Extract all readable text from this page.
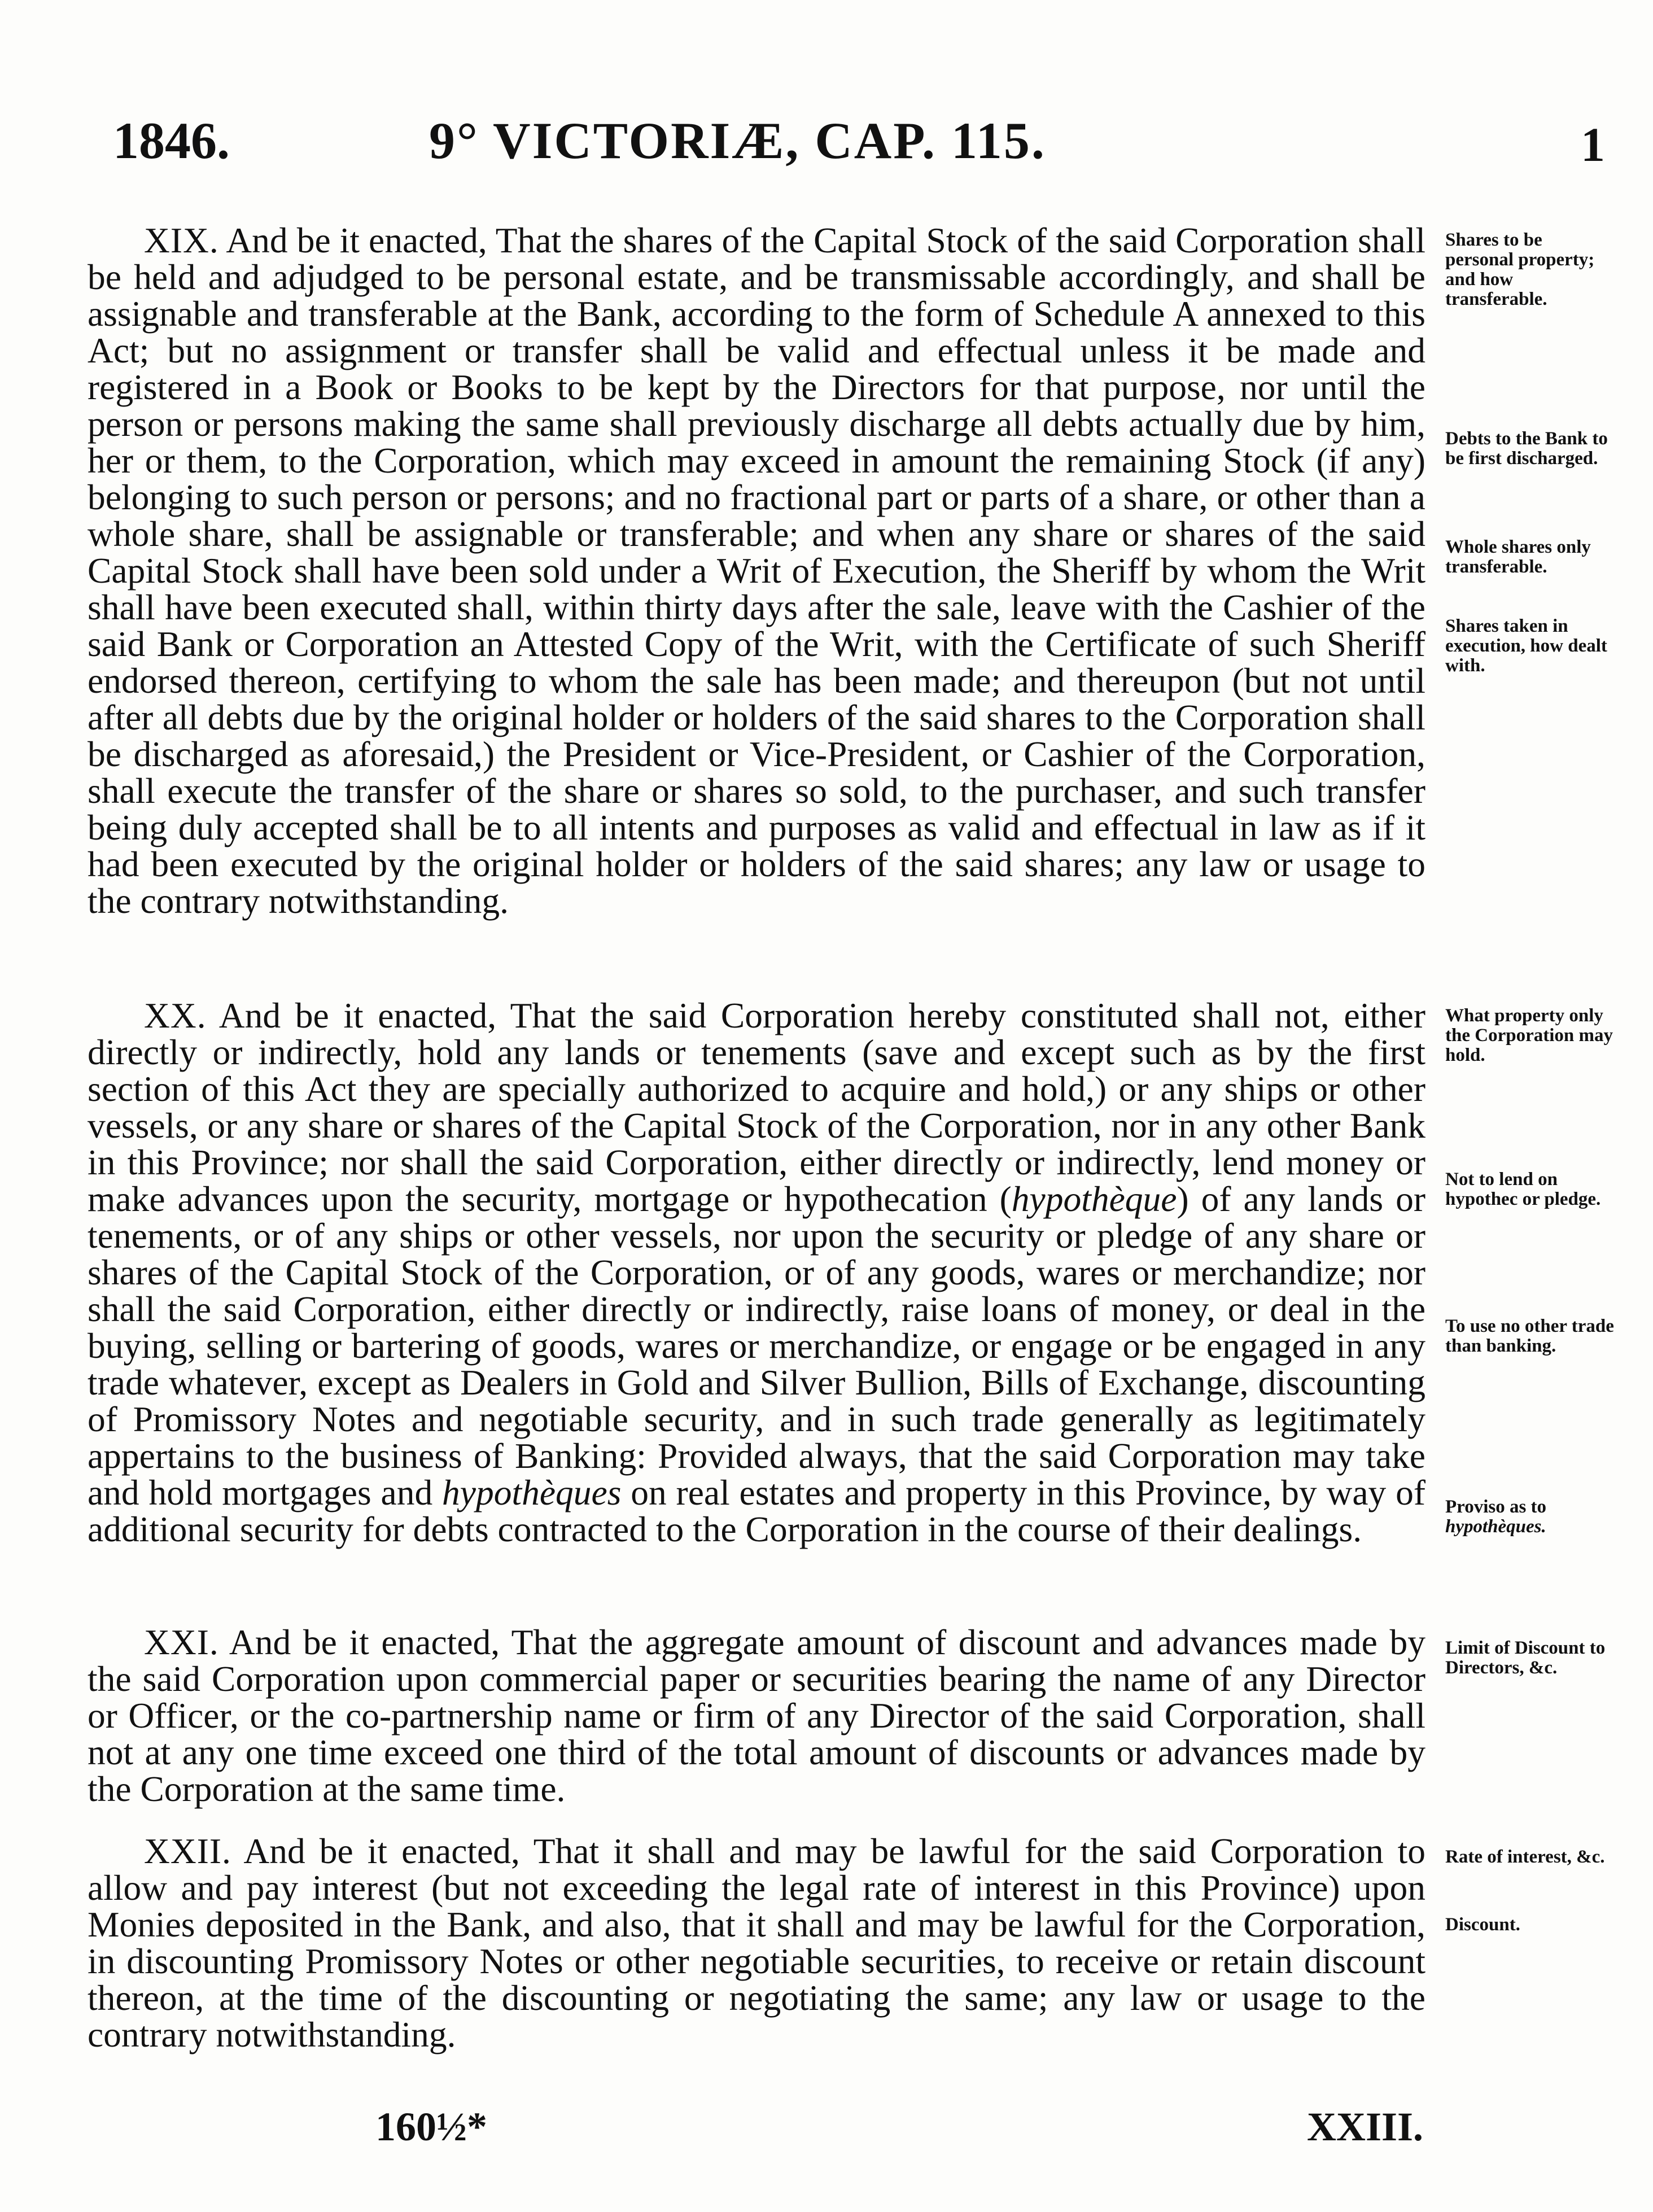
1846.	9° VICTORIÆ, CAP. 115.	1

XIX. And be it enacted, That the shares of the Capital Stock of the said Corporation shall be held and adjudged to be personal estate, and be transmissable accordingly, and shall be assignable and transferable at the Bank, according to the form of Schedule A annexed to this Act; but no assignment or transfer shall be valid and effectual unless it be made and registered in a Book or Books to be kept by the Directors for that purpose, nor until the person or persons making the same shall previously discharge all debts actually due by him, her or them, to the Corporation, which may exceed in amount the remaining Stock (if any) belonging to such person or persons; and no fractional part or parts of a share, or other than a whole share, shall be assignable or transferable; and when any share or shares of the said Capital Stock shall have been sold under a Writ of Execution, the Sheriff by whom the Writ shall have been executed shall, within thirty days after the sale, leave with the Cashier of the said Bank or Corporation an Attested Copy of the Writ, with the Certificate of such Sheriff endorsed thereon, certifying to whom the sale has been made; and thereupon (but not until after all debts due by the original holder or holders of the said shares to the Corporation shall be discharged as aforesaid,) the President or Vice-President, or Cashier of the Corporation, shall execute the transfer of the share or shares so sold, to the purchaser, and such transfer being duly accepted shall be to all intents and purposes as valid and effectual in law as if it had been executed by the original holder or holders of the said shares; any law or usage to the contrary notwithstanding.

XX. And be it enacted, That the said Corporation hereby constituted shall not, either directly or indirectly, hold any lands or tenements (save and except such as by the first section of this Act they are specially authorized to acquire and hold,) or any ships or other vessels, or any share or shares of the Capital Stock of the Corporation, nor in any other Bank in this Province; nor shall the said Corporation, either directly or indirectly, lend money or make advances upon the security, mortgage or hypothecation (hypothèque) of any lands or tenements, or of any ships or other vessels, nor upon the security or pledge of any share or shares of the Capital Stock of the Corporation, or of any goods, wares or merchandize; nor shall the said Corporation, either directly or indirectly, raise loans of money, or deal in the buying, selling or bartering of goods, wares or merchandize, or engage or be engaged in any trade whatever, except as Dealers in Gold and Silver Bullion, Bills of Exchange, discounting of Promissory Notes and negotiable security, and in such trade generally as legitimately appertains to the business of Banking: Provided always, that the said Corporation may take and hold mortgages and hypothèques on real estates and property in this Province, by way of additional security for debts contracted to the Corporation in the course of their dealings.

XXI. And be it enacted, That the aggregate amount of discount and advances made by the said Corporation upon commercial paper or securities bearing the name of any Director or Officer, or the co-partnership name or firm of any Director of the said Corporation, shall not at any one time exceed one third of the total amount of discounts or advances made by the Corporation at the same time.

XXII. And be it enacted, That it shall and may be lawful for the said Corporation to allow and pay interest (but not exceeding the legal rate of interest in this Province) upon Monies deposited in the Bank, and also, that it shall and may be lawful for the Corporation, in discounting Promissory Notes or other negotiable securities, to receive or retain discount thereon, at the time of the discounting or negotiating the same; any law or usage to the contrary notwithstanding.

Shares to be personal property; and how transferable.
Debts to the Bank to be first discharged.
Whole shares only transferable.
Shares taken in execution, how dealt with.
What property only the Corporation may hold.
Not to lend on hypothec or pledge.
To use no other trade than banking.
Proviso as to hypothèques.
Limit of Discount to Directors, &c.
Rate of interest, &c.
Discount.
160½*	XXIII.
